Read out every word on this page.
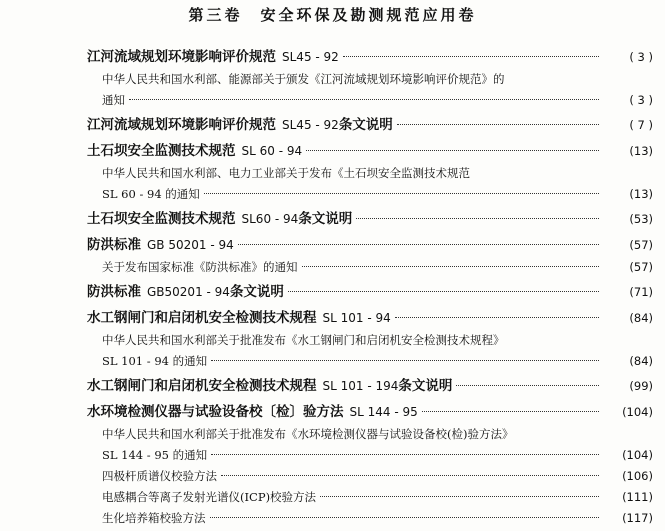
第三卷　安全环保及勘测规范应用卷
江河流域规划环境影响评价规范 SL45 - 92	( 3 )
中华人民共和国水利部、能源部关于颁发《江河流域规划环境影响评价规范》的
通知	( 3 )
江河流域规划环境影响评价规范 SL45 - 92 条文说明	( 7 )
土石坝安全监测技术规范 SL 60 - 94	(13)
中华人民共和国水利部、电力工业部关于发布《土石坝安全监测技术规范
SL 60 - 94 的通知	(13)
土石坝安全监测技术规范 SL60 - 94 条文说明	(53)
防洪标准 GB 50201 - 94	(57)
关于发布国家标准《防洪标准》的通知	(57)
防洪标准 GB50201 - 94 条文说明	(71)
水工钢闸门和启闭机安全检测技术规程 SL 101 - 94	(84)
中华人民共和国水利部关于批准发布《水工钢闸门和启闭机安全检测技术规程》
SL 101 - 94 的通知	(84)
水工钢闸门和启闭机安全检测技术规程 SL 101 - 194 条文说明	(99)
水环境检测仪器与试验设备校〔检〕验方法 SL 144 - 95	(104)
中华人民共和国水利部关于批准发布《水环境检测仪器与试验设备校(检)验方法》
SL 144 - 95 的通知	(104)
四极杆质谱仪校验方法	(106)
电感耦合等离子发射光谱仪(ICP)校验方法	(111)
生化培养箱校验方法	(117)
